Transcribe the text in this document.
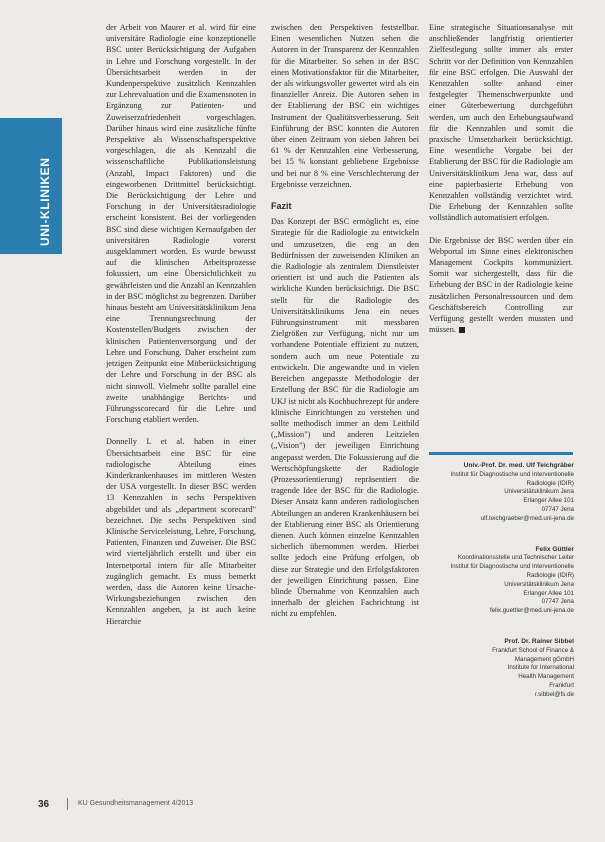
UNI-KLINIKEN

der Arbeit von Maurer et al. wird für eine universitäre Radiologie eine konzeptionelle BSC unter Berücksichtigung der Aufgaben in Lehre und Forschung vorgestellt. In der Übersichtsarbeit werden in der Kundenperspektive zusätzlich Kennzahlen zur Lehrevaluation und die Examensnoten in Ergänzung zur Patienten- und Zuweiserzufriedenheit vorgeschlagen. Darüber hinaus wird eine zusätzliche fünfte Perspektive als Wissenschaftsperspektive vorgeschlagen, die als Kennzahl die wissenschaftliche Publikationsleistung (Anzahl, Impact Faktoren) und die eingeworbenen Drittmittel berücksichtigt. Die Berücksichtigung der Lehre und Forschung in der Universitätsradiologie erscheint konsistent. Bei der vorliegenden BSC sind diese wichtigen Kernaufgaben der universitären Radiologie vorerst ausgeklammert worden. Es wurde bewusst auf die klinischen Arbeitsprozesse fokussiert, um eine Übersichtlichkeit zu gewährleisten und die Anzahl an Kennzahlen in der BSC möglichst zu begrenzen. Darüber hinaus besteht am Universitätsklinikum Jena eine Trennungsrechnung der Kostenstellen/Budgets zwischen der klinischen Patientenversorgung und der Lehre und Forschung. Daher erscheint zum jetzigen Zeitpunkt eine Mitberücksichtigung der Lehre und Forschung in der BSC als nicht sinnvoll. Vielmehr sollte parallel eine zweite unabhängige Berichts- und Führungsscorecard für die Lehre und Forschung etabliert werden.

Donnelly L et al. haben in einer Übersichtsarbeit eine BSC für eine radiologische Abteilung eines Kinderkrankenhauses im mittleren Westen der USA vorgestellt. In dieser BSC werden 13 Kennzahlen in sechs Perspektiven abgebildet und als „department scorecard" bezeichnet. Die sechs Perspektiven sind Klinische Serviceleistung, Lehre, Forschung, Patienten, Finanzen und Zuweiser. Die BSC wird vierteljährlich erstellt und über ein Internetportal intern für alle Mitarbeiter zugänglich gemacht. Es muss bemerkt werden, dass die Autoren keine Ursache-Wirkungsbeziehungen zwischen den Kennzahlen angeben, ja ist auch keine Hierarchie

zwischen den Perspektiven feststellbar. Einen wesentlichen Nutzen sehen die Autoren in der Transparenz der Kennzahlen für die Mitarbeiter. So sehen in der BSC einen Motivationsfaktor für die Mitarbeiter, der als wirkungsvoller gewertet wird als ein finanzieller Anreiz. Die Autoren sehen in der Etablierung der BSC ein wichtiges Instrument der Qualitätsverbesserung. Seit Einführung der BSC konnten die Autoren über einen Zeitraum von sieben Jahren bei 61 % der Kennzahlen eine Verbesserung, bei 15 % konstant gebliebene Ergebnisse und bei nur 8 % eine Verschlechterung der Ergebnisse verzeichnen.

Fazit

Das Konzept der BSC ermöglicht es, eine Strategie für die Radiologie zu entwickeln und umzusetzen, die eng an den Bedürfnissen der zuweisenden Kliniken an die Radiologie als zentralem Dienstleister orientiert ist und auch die Patienten als wirkliche Kunden berücksichtigt. Die BSC stellt für die Radiologie des Universitätsklinikums Jena ein neues Führungsinstrument mit messbaren Zielgrößen zur Verfügung, nicht nur um vorhandene Potentiale effizient zu nutzen, sondern auch um neue Potentiale zu entwickeln. Die angewandte und in vielen Bereichen angepasste Methodologie der Erstellung der BSC für die Radiologie am UKJ ist nicht als Kochbuchrezept für andere klinische Einrichtungen zu verstehen und sollte methodisch immer an dem Leitbild („Mission") und anderen Leitzielen („Vision") der jeweiligen Einrichtung angepasst werden. Die Fokussierung auf die Wertschöpfungskette der Radiologie (Prozessorientierung) repräsentiert die tragende Idee der BSC für die Radiologie. Dieser Ansatz kann anderen radiologischen Abteilungen an anderen Krankenhäusern bei der Etablierung einer BSC als Orientierung dienen. Auch können einzelne Kennzahlen sicherlich übernommen werden. Hierbei sollte jedoch eine Prüfung erfolgen, ob diese zur Strategie und den Erfolgsfaktoren der jeweiligen Einrichtung passen. Eine blinde Übernahme von Kennzahlen auch innerhalb der gleichen Fachrichtung ist nicht zu empfehlen.

Eine strategische Situationsanalyse mit anschließender langfristig orientierter Zielfestlegung sollte immer als erster Schritt vor der Definition von Kennzahlen für eine BSC erfolgen. Die Auswahl der Kennzahlen sollte anhand einer festgelegter Themenschwerpunkte und einer Güterbewertung durchgeführt werden, um auch den Erhebungsaufwand für die Kennzahlen und somit die praxische Umsetzbarkeit berücksichtigt. Eine wesentliche Vorgabe bei der Etablierung der BSC für die Radiologie am Universitätsklinikum Jena war, dass auf eine papierbasierte Erhebung von Kennzahlen vollständig verzichtet wird. Die Erhebung der Kennzahlen sollte vollständlich automatisiert erfolgen.

Die Ergebnisse der BSC werden über ein Webportal im Sinne eines elektronischen Management Cockpits kommuniziert. Somit war sichergestellt, dass für die Erhebung der BSC in der Radiologie keine zusätzlichen Personalressourcen und dem Geschäftsbereich Controlling zur Verfügung gestellt werden mussten und müssen.

Univ.-Prof. Dr. med. Ulf Teichgräber
Institut für Diagnostische und Interventionelle
Radiologie (IDIR)
Universitätsklinikum Jena
Erlanger Allee 101
07747 Jena
ulf.teichgraeber@med.uni-jena.de
Felix Güttler
Koordinationsstelle und Technischer Leiter
Institut für Diagnostische und Interventionelle
Radiologie (IDIR)
Universitätsklinikum Jena
Erlanger Allee 101
07747 Jena
felix.guettler@med.uni-jena.de
Prof. Dr. Rainer Sibbel
Frankfurt School of Finance &
Management gGmbH
Institute for International
Health Management
Frankfurt
r.sibbel@fs.de
36	KU Gesundheitsmanagement 4/2013
